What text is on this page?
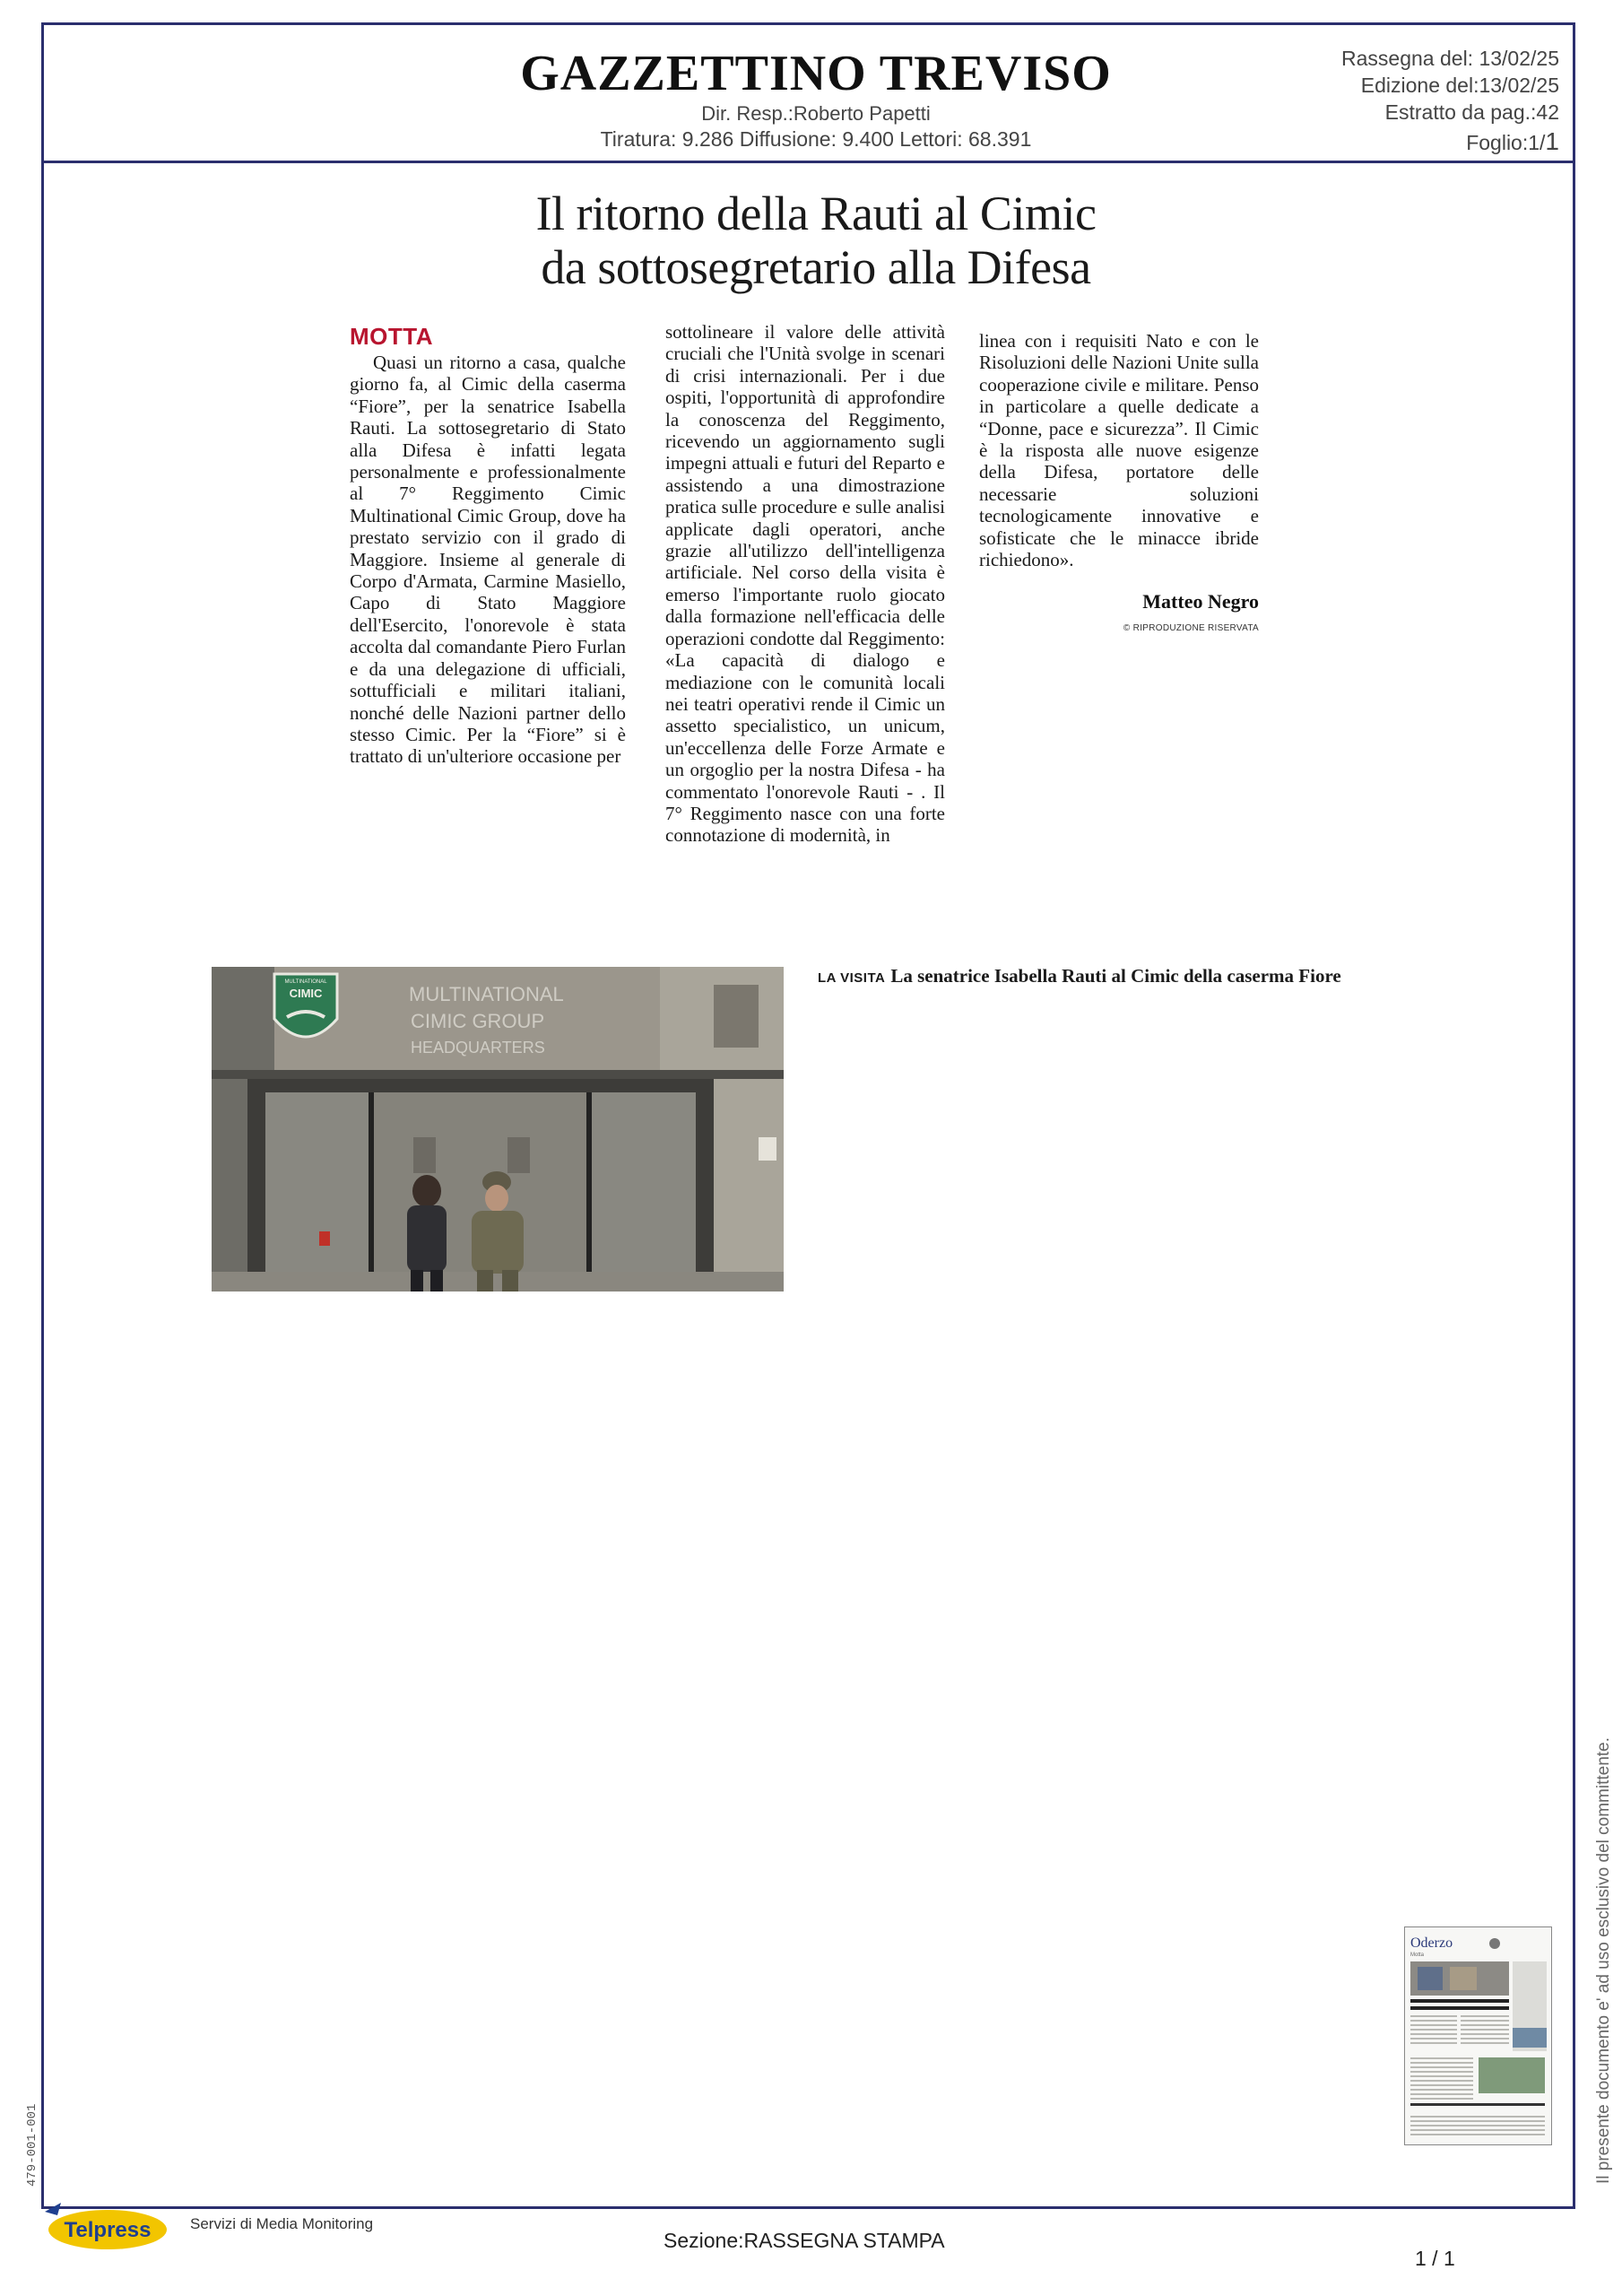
GAZZETTINO TREVISO
Dir. Resp.:Roberto Papetti
Tiratura: 9.286 Diffusione: 9.400 Lettori: 68.391
Rassegna del: 13/02/25
Edizione del:13/02/25
Estratto da pag.:42
Foglio:1/1
Il ritorno della Rauti al Cimic
da sottosegretario alla Difesa
MOTTA
Quasi un ritorno a casa, qualche giorno fa, al Cimic della caserma “Fiore”, per la senatrice Isabella Rauti. La sottosegretario di Stato alla Difesa è infatti legata personalmente e professionalmente al 7° Reggimento Cimic Multinational Cimic Group, dove ha prestato servizio con il grado di Maggiore. Insieme al generale di Corpo d'Armata, Carmine Masiello, Capo di Stato Maggiore dell'Esercito, l'onorevole è stata accolta dal comandante Piero Furlan e da una delegazione di ufficiali, sottufficiali e militari italiani, nonché delle Nazioni partner dello stesso Cimic. Per la “Fiore” si è trattato di un'ulteriore occasione per
sottolineare il valore delle attività cruciali che l'Unità svolge in scenari di crisi internazionali. Per i due ospiti, l'opportunità di approfondire la conoscenza del Reggimento, ricevendo un aggiornamento sugli impegni attuali e futuri del Reparto e assistendo a una dimostrazione pratica sulle procedure e sulle analisi applicate dagli operatori, anche grazie all'utilizzo dell'intelligenza artificiale. Nel corso della visita è emerso l'importante ruolo giocato dalla formazione nell'efficacia delle operazioni condotte dal Reggimento: «La capacità di dialogo e mediazione con le comunità locali nei teatri operativi rende il Cimic un assetto specialistico, un unicum, un'eccellenza delle Forze Armate e un orgoglio per la nostra Difesa - ha commentato l'onorevole Rauti - . Il 7° Reggimento nasce con una forte connotazione di modernità, in
linea con i requisiti Nato e con le Risoluzioni delle Nazioni Unite sulla cooperazione civile e militare. Penso in particolare a quelle dedicate a “Donne, pace e sicurezza”. Il Cimic è la risposta alle nuove esigenze della Difesa, portatore delle necessarie soluzioni tecnologicamente innovative e sofisticate che le minacce ibride richiedono».
Matteo Negro
© RIPRODUZIONE RISERVATA
MULTINATIONAL
CIMIC	MULTINATIONAL
CIMIC GROUP
HEADQUARTERS
LA VISITA La senatrice Isabella Rauti al Cimic della caserma Fiore
Il presente documento e' ad uso esclusivo del committente.
479-001-001
Oderzo
Motta
Telpress	Servizi di Media Monitoring
Sezione:RASSEGNA STAMPA
1 / 1
